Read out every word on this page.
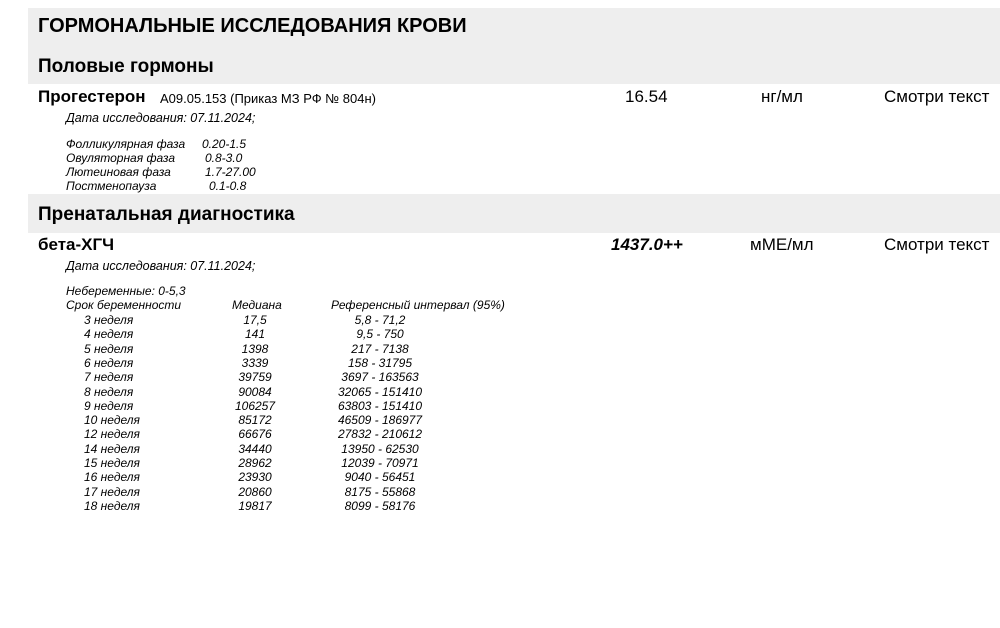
ГОРМОНАЛЬНЫЕ ИССЛЕДОВАНИЯ КРОВИ
Половые гормоны
Прогестерон A09.05.153 (Приказ МЗ РФ № 804н)	16.54	нг/мл	Смотри текст
Дата исследования: 07.11.2024;
Фолликулярная фаза 0.20-1.5
Овуляторная фаза 0.8-3.0
Лютеиновая фаза	1.7-27.00
Постменопауза	0.1-0.8
Пренатальная диагностика
бета-ХГЧ	1437.0++	мМЕ/мл	Смотри текст
Дата исследования: 07.11.2024;
Небеременные: 0-5,3
Срок беременности	Медиана	Референсный интервал (95%)
3 неделя	17,5	5,8 - 71,2
4 неделя	141	9,5 - 750
5 неделя	1398	217 - 7138
6 неделя	3339	158 - 31795
7 неделя	39759	3697 - 163563
8 неделя	90084	32065 - 151410
9 неделя	106257	63803 - 151410
10 неделя	85172	46509 - 186977
12 неделя	66676	27832 - 210612
14 неделя	34440	13950 - 62530
15 неделя	28962	12039 - 70971
16 неделя	23930	9040 - 56451
17 неделя	20860	8175 - 55868
18 неделя	19817	8099 - 58176
